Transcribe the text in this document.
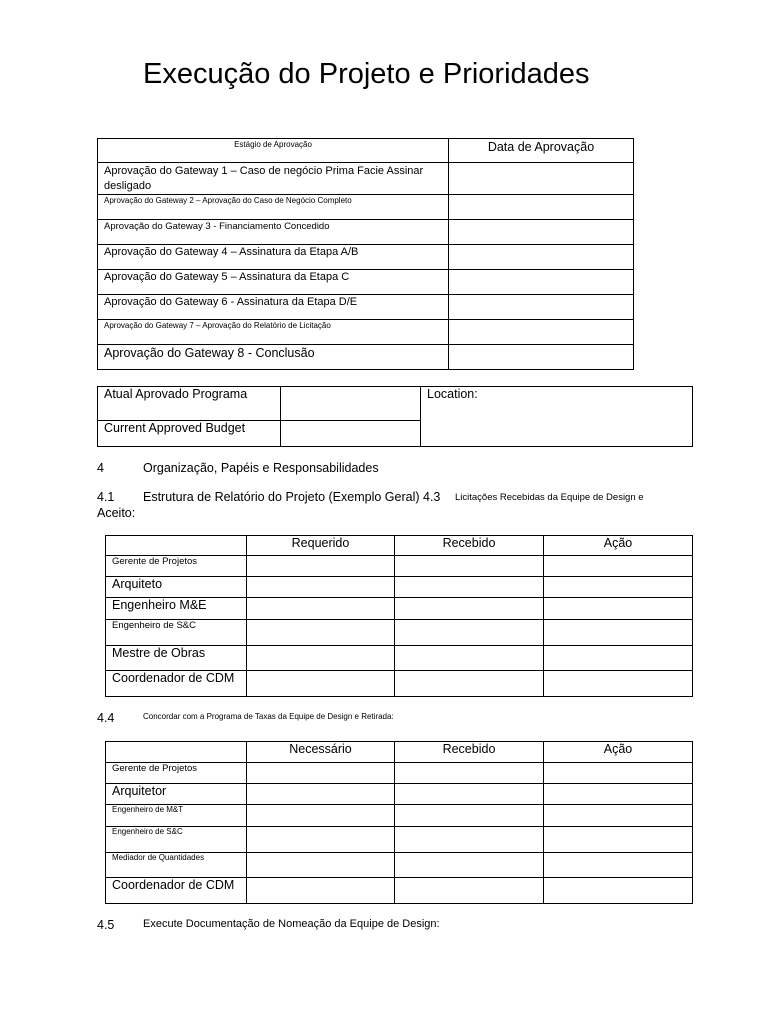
Execução do Projeto e Prioridades
Estágio de Aprovação	Data de Aprovação
Aprovação do Gateway 1 – Caso de negócio Prima Facie Assinar desligado	
Aprovação do Gateway 2 – Aprovação do Caso de Negócio Completo	
Aprovação do Gateway 3 - Financiamento Concedido	
Aprovação do Gateway 4 – Assinatura da Etapa A/B	
Aprovação do Gateway 5 – Assinatura da Etapa C	
Aprovação do Gateway 6 - Assinatura da Etapa D/E	
Aprovação do Gateway 7 – Aprovação do Relatório de Licitação	
Aprovação do Gateway 8 - Conclusão	
Atual Aprovado Programa		Location:
Current Approved Budget		
4	Organização, Papéis e Responsabilidades
4.1 Estrutura de Relatório do Projeto (Exemplo Geral) 4.3 Licitações Recebidas da Equipe de Design e
Aceito:
	Requerido	Recebido	Ação
Gerente de Projetos			
Arquiteto			
Engenheiro M&E			
Engenheiro de S&C			
Mestre de Obras			
Coordenador de CDM			
4.4	Concordar com a Programa de Taxas da Equipe de Design e Retirada:
	Necessário	Recebido	Ação
Gerente de Projetos			
Arquitetor			
Engenheiro de M&T			
Engenheiro de S&C			
Mediador de Quantidades			
Coordenador de CDM			
4.5	Execute Documentação de Nomeação da Equipe de Design:
